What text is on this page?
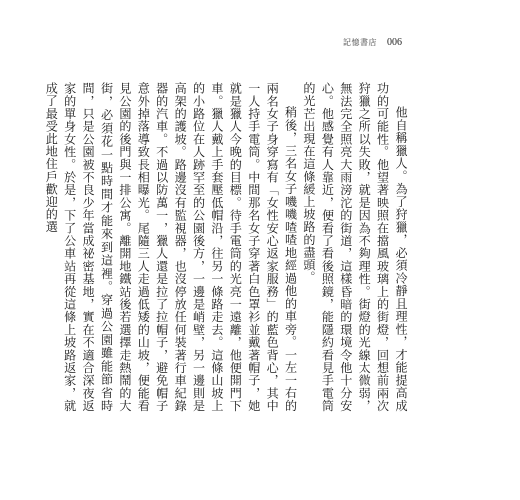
記憶書店 006

他自稱獵人。為了狩獵，必須冷靜且理性，才能提高成功的可能性。他望著映照在擋風玻璃上的街燈，回想前兩次狩獵之所以失敗，就是因為不夠理性。街燈的光線太微弱，無法完全照亮大雨滂沱的街道，這樣昏暗的環境令他十分安心。他感覺有人靠近，便看了看後照鏡，能隱約看見手電筒的光芒出現在這條緩上坡路的盡頭。

稍後，三名女子嘰嘰喳喳地經過他的車旁。一左一右的兩名女子身穿寫有「女性安心返家服務」的藍色背心，其中一人持手電筒。中間那名女子穿著白色罩衫並戴著帽子，她就是獵人今晚的目標。待手電筒的光亮一遠離，他便開門下車。獵人戴上手套壓低帽沿，往另一條路走去。這條山坡上的小路位在人跡罕至的公園後方，一邊是峭壁，另一邊則是高架的護坡。路邊沒有監視器，也沒停放任何裝著行車紀錄器的汽車。不過以防萬一，獵人還是拉了拉帽子，避免帽子意外掉落導致長相曝光。尾隨三人走過低矮的山坡，便能看見公園的後門與一排公寓。離開地鐵站後若選擇走熱鬧的大街，必須花一點時間才能來到這裡。穿過公園雖能節省時間，只是公園被不良少年當成祕密基地，實在不適合深夜返家的單身女性。於是，下了公車站再從這條上坡路返家，就成了最受此地住戶歡迎的選
